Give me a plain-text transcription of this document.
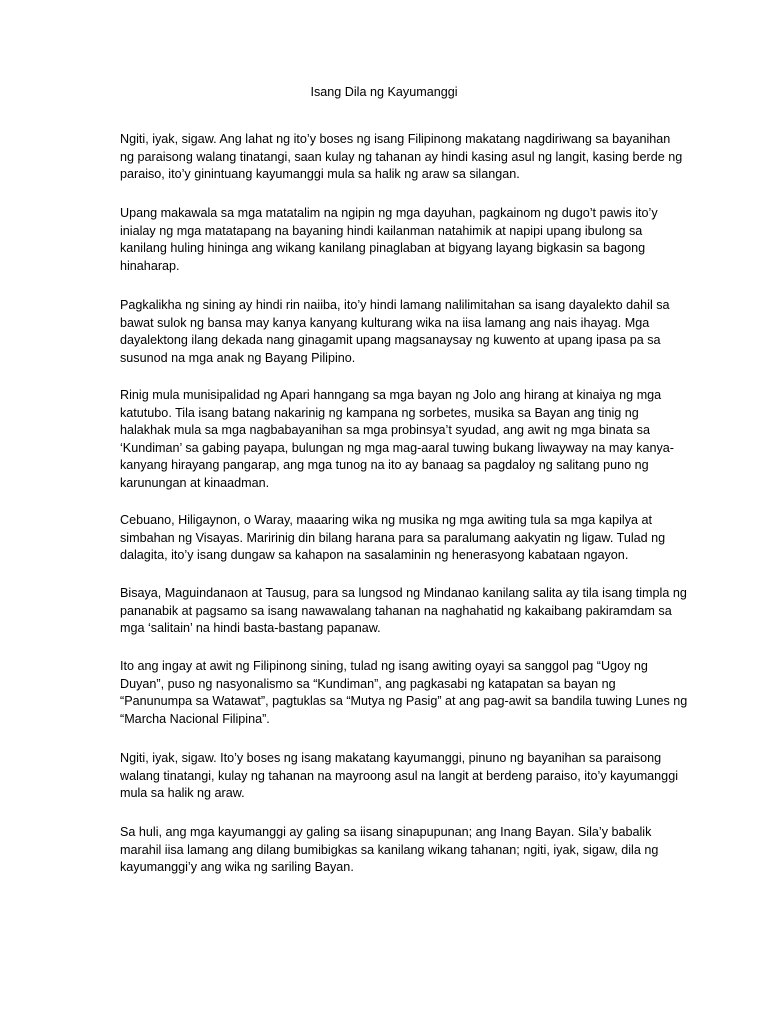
Isang Dila ng Kayumanggi

Ngiti, iyak, sigaw. Ang lahat ng ito’y boses ng isang Filipinong makatang nagdiriwang sa bayanihan
ng paraisong walang tinatangi, saan kulay ng tahanan ay hindi kasing asul ng langit, kasing berde ng
paraiso, ito’y ginintuang kayumanggi mula sa halik ng araw sa silangan.

Upang makawala sa mga matatalim na ngipin ng mga dayuhan, pagkainom ng dugo’t pawis ito’y
inialay ng mga matatapang na bayaning hindi kailanman natahimik at napipi upang ibulong sa
kanilang huling hininga ang wikang kanilang pinaglaban at bigyang layang bigkasin sa bagong
hinaharap.

Pagkalikha ng sining ay hindi rin naiiba, ito’y hindi lamang nalilimitahan sa isang dayalekto dahil sa
bawat sulok ng bansa may kanya kanyang kulturang wika na iisa lamang ang nais ihayag. Mga
dayalektong ilang dekada nang ginagamit upang magsanaysay ng kuwento at upang ipasa pa sa
susunod na mga anak ng Bayang Pilipino.

Rinig mula munisipalidad ng Apari hanngang sa mga bayan ng Jolo ang hirang at kinaiya ng mga
katutubo. Tila isang batang nakarinig ng kampana ng sorbetes, musika sa Bayan ang tinig ng
halakhak mula sa mga nagbabayanihan sa mga probinsya’t syudad, ang awit ng mga binata sa
‘Kundiman’ sa gabing payapa, bulungan ng mga mag-aaral tuwing bukang liwayway na may kanya-
kanyang hirayang pangarap, ang mga tunog na ito ay banaag sa pagdaloy ng salitang puno ng
karunungan at kinaadman.

Cebuano, Hiligaynon, o Waray, maaaring wika ng musika ng mga awiting tula sa mga kapilya at
simbahan ng Visayas. Maririnig din bilang harana para sa paralumang aakyatin ng ligaw. Tulad ng
dalagita, ito’y isang dungaw sa kahapon na sasalaminin ng henerasyong kabataan ngayon.

Bisaya, Maguindanaon at Tausug, para sa lungsod ng Mindanao kanilang salita ay tila isang timpla ng
pananabik at pagsamo sa isang nawawalang tahanan na naghahatid ng kakaibang pakiramdam sa
mga ‘salitain’ na hindi basta-bastang papanaw.

Ito ang ingay at awit ng Filipinong sining, tulad ng isang awiting oyayi sa sanggol pag “Ugoy ng
Duyan”, puso ng nasyonalismo sa “Kundiman”, ang pagkasabi ng katapatan sa bayan ng
“Panunumpa sa Watawat”, pagtuklas sa “Mutya ng Pasig” at ang pag-awit sa bandila tuwing Lunes ng
“Marcha Nacional Filipina”.

Ngiti, iyak, sigaw. Ito’y boses ng isang makatang kayumanggi, pinuno ng bayanihan sa paraisong
walang tinatangi, kulay ng tahanan na mayroong asul na langit at berdeng paraiso, ito’y kayumanggi
mula sa halik ng araw.

Sa huli, ang mga kayumanggi ay galing sa iisang sinapupunan; ang Inang Bayan. Sila’y babalik
marahil iisa lamang ang dilang bumibigkas sa kanilang wikang tahanan; ngiti, iyak, sigaw, dila ng
kayumanggi’y ang wika ng sariling Bayan.
